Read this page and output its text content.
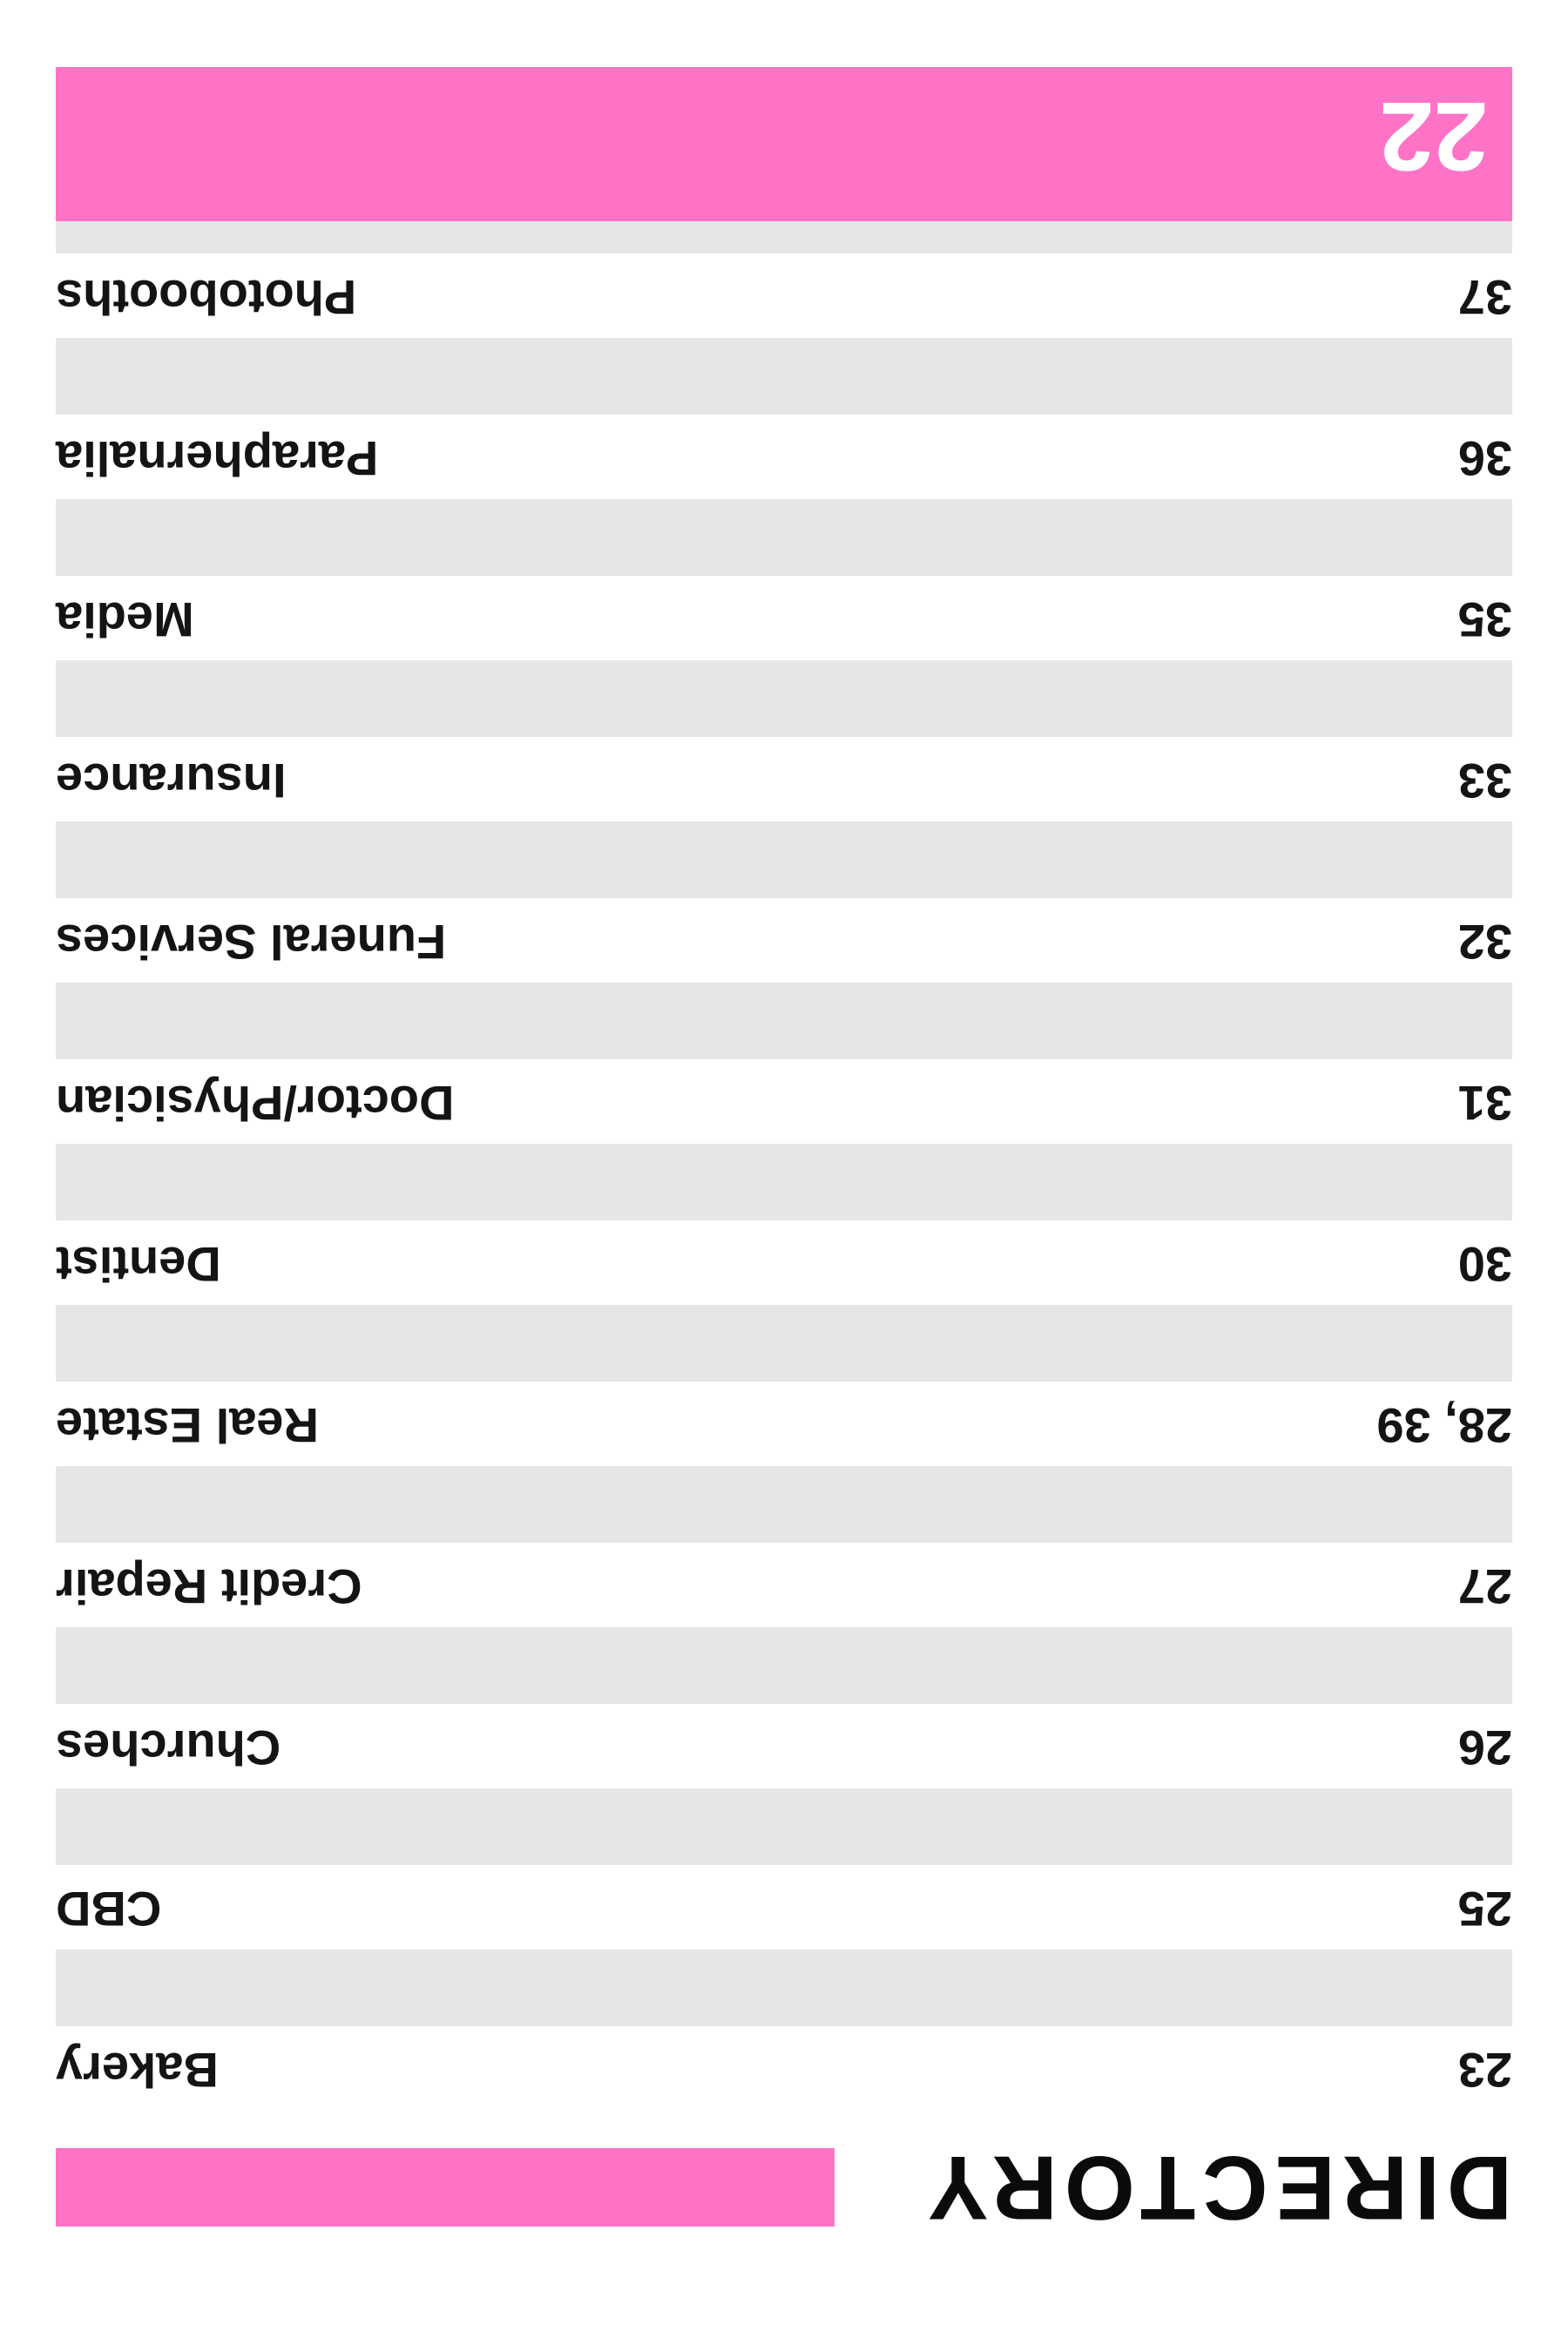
DIRECTORY
23
Bakery
25
CBD
26
Churches
27
Credit Repair
28, 39
Real Estate
30
Dentist
31
Doctor/Physician
32
Funeral Services
33
Insurance
35
Media
36
Paraphernalia
37
Photobooths
22
